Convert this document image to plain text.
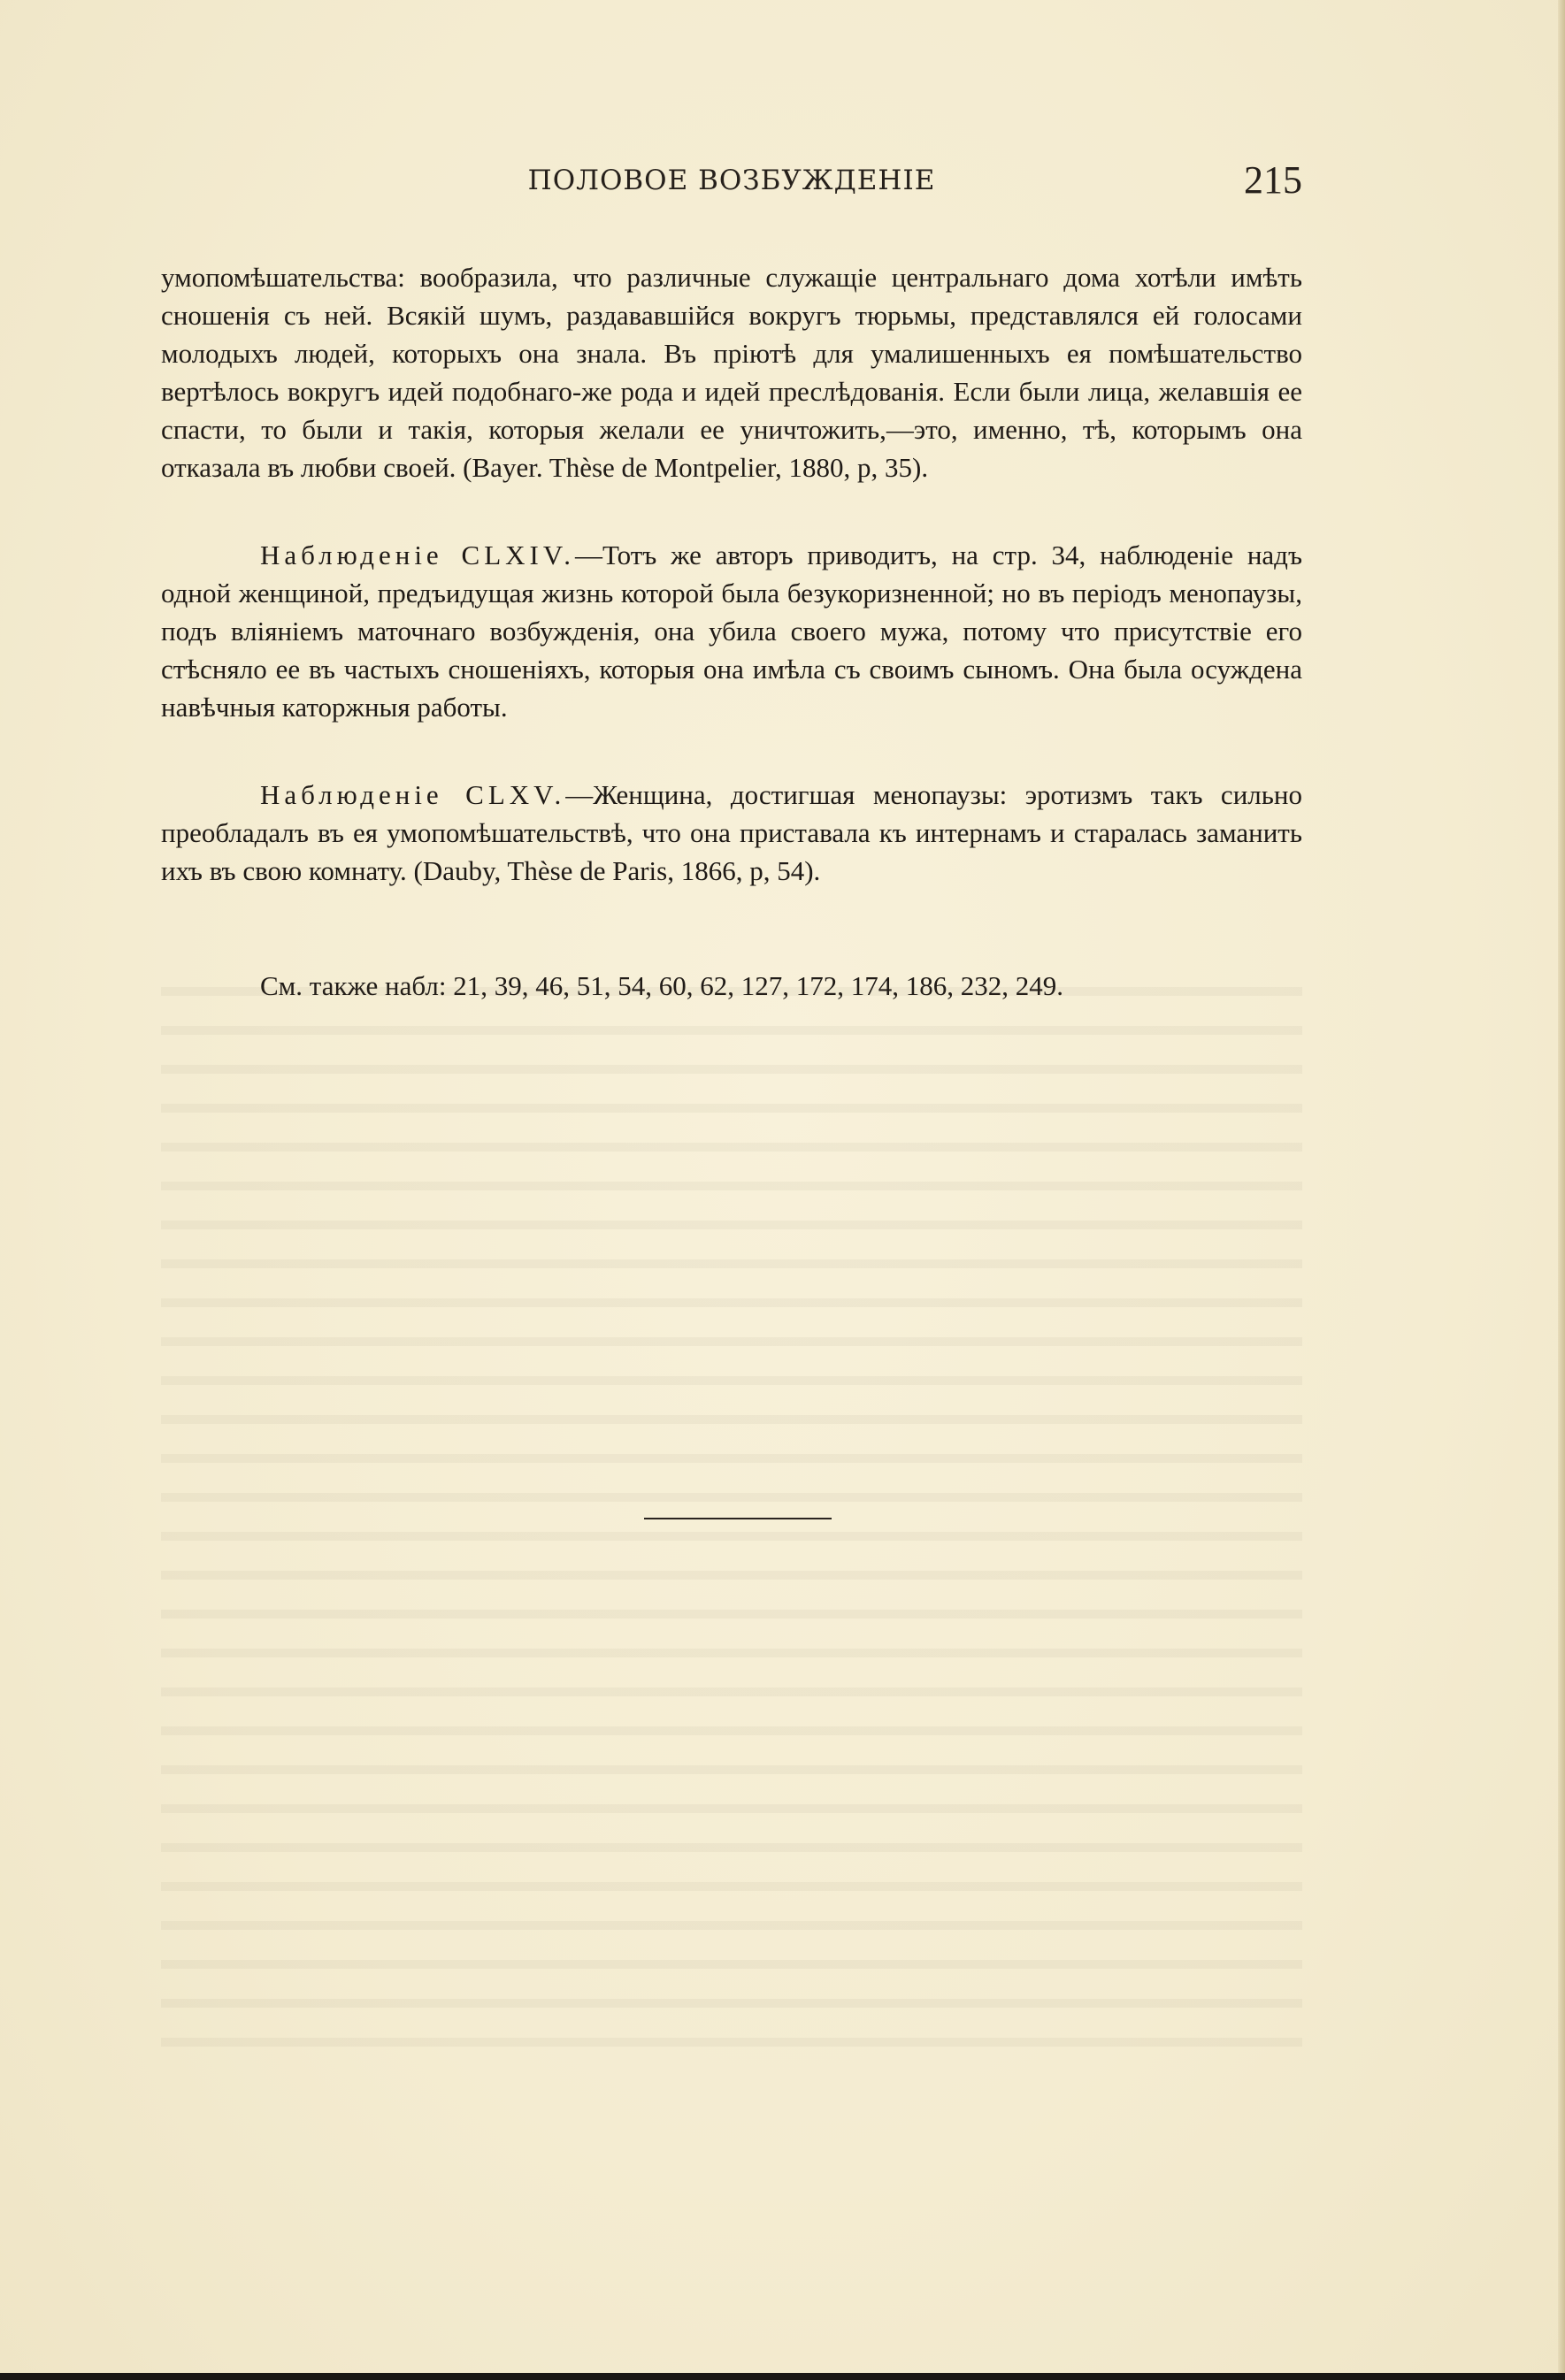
ПОЛОВОЕ ВОЗБУЖДЕНІЕ	215

умопомѣшательства: вообразила, что различные служащіе центральнаго дома хотѣли имѣть сношенія съ ней. Всякій шумъ, раздававшійся вокругъ тюрьмы, представлялся ей голосами молодыхъ людей, которыхъ она знала. Въ пріютѣ для умалишенныхъ ея помѣшательство вертѣлось вокругъ идей подобнаго-же рода и идей преслѣдованія. Если были лица, желавшія ее спасти, то были и такія, которыя желали ее уничтожить,—это, именно, тѣ, которымъ она отказала въ любви своей. (Bayer. Thèse de Montpelier, 1880, p, 35).

Наблюденіе CLXIV.—Тотъ же авторъ приводитъ, на стр. 34, наблюденіе надъ одной женщиной, предъидущая жизнь которой была безукоризненной; но въ періодъ менопаузы, подъ вліяніемъ маточнаго возбужденія, она убила своего мужа, потому что присутствіе его стѣсняло ее въ частыхъ сношеніяхъ, которыя она имѣла съ своимъ сыномъ. Она была осуждена навѣчныя каторжныя работы.

Наблюденіе CLXV.—Женщина, достигшая менопаузы: эротизмъ такъ сильно преобладалъ въ ея умопомѣшательствѣ, что она приставала къ интернамъ и старалась заманить ихъ въ свою комнату. (Dauby, Thèse de Paris, 1866, p, 54).

См. также набл: 21, 39, 46, 51, 54, 60, 62, 127, 172, 174, 186, 232, 249.
